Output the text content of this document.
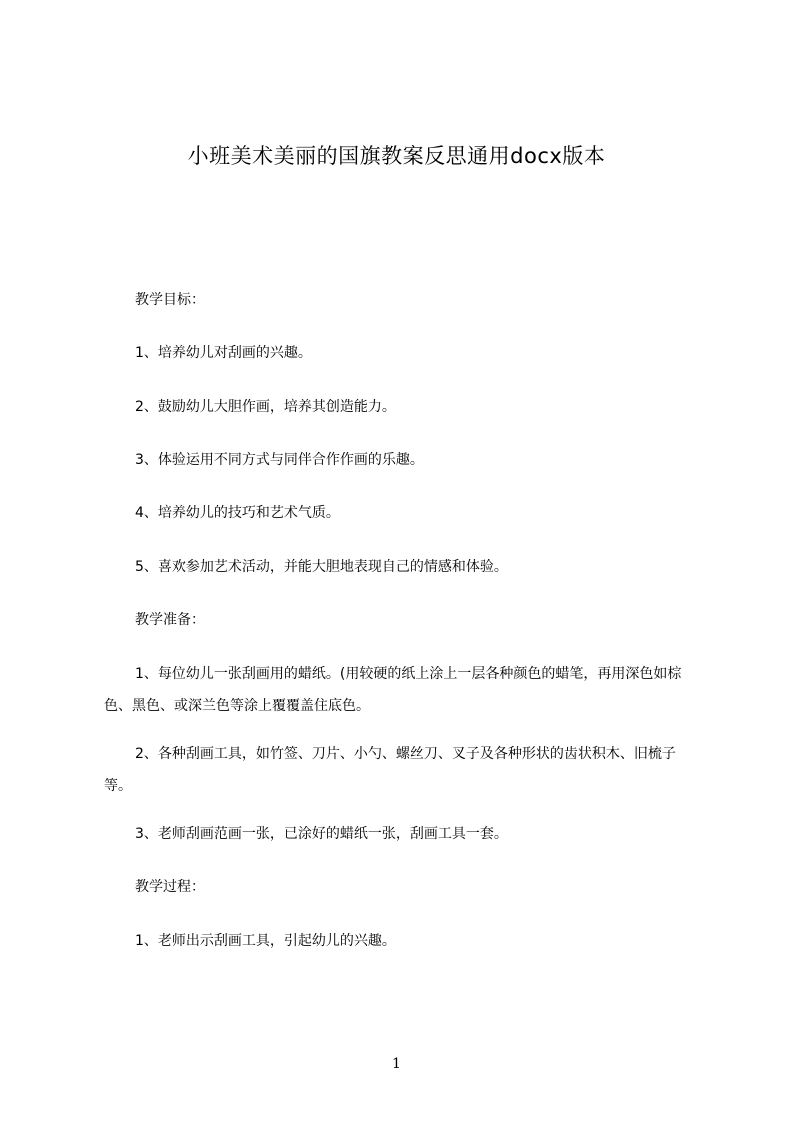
小班美术美丽的国旗教案反思通用docx版本
教学目标：
1、培养幼儿对刮画的兴趣。
2、鼓励幼儿大胆作画，培养其创造能力。
3、体验运用不同方式与同伴合作作画的乐趣。
4、培养幼儿的技巧和艺术气质。
5、喜欢参加艺术活动，并能大胆地表现自己的情感和体验。
教学准备：
1、每位幼儿一张刮画用的蜡纸。(用较硬的纸上涂上一层各种颜色的蜡笔，再用深色如棕色、黑色、或深兰色等涂上覆覆盖住底色。
2、各种刮画工具，如竹签、刀片、小勺、螺丝刀、叉子及各种形状的齿状积木、旧梳子等。
3、老师刮画范画一张，已涂好的蜡纸一张，刮画工具一套。
教学过程：
1、老师出示刮画工具，引起幼儿的兴趣。
1
